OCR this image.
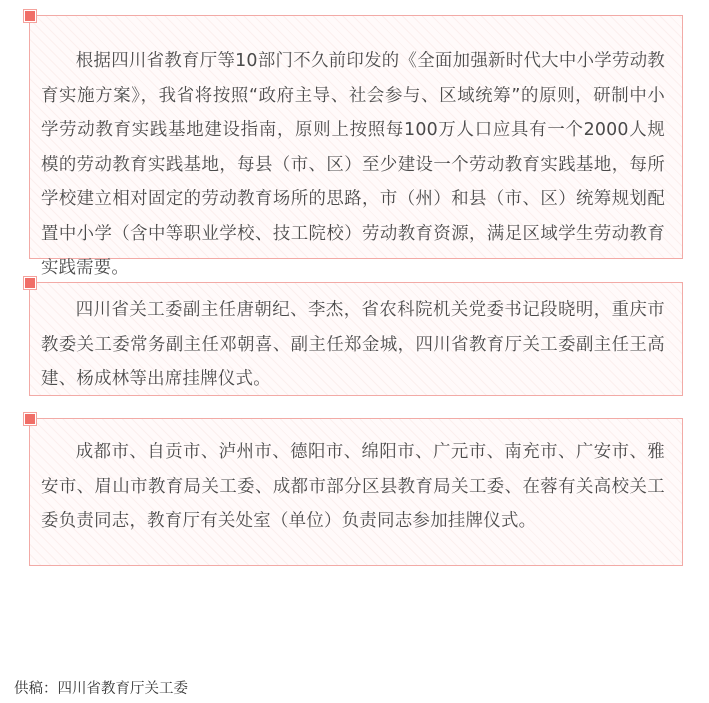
根据四川省教育厅等10部门不久前印发的《全面加强新时代大中小学劳动教育实施方案》，我省将按照“政府主导、社会参与、区域统筹”的原则，研制中小学劳动教育实践基地建设指南，原则上按照每100万人口应具有一个2000人规模的劳动教育实践基地，每县（市、区）至少建设一个劳动教育实践基地，每所学校建立相对固定的劳动教育场所的思路，市（州）和县（市、区）统筹规划配置中小学（含中等职业学校、技工院校）劳动教育资源，满足区域学生劳动教育实践需要。

四川省关工委副主任唐朝纪、李杰，省农科院机关党委书记段晓明，重庆市教委关工委常务副主任邓朝喜、副主任郑金城，四川省教育厅关工委副主任王高建、杨成林等出席挂牌仪式。

成都市、自贡市、泸州市、德阳市、绵阳市、广元市、南充市、广安市、雅安市、眉山市教育局关工委、成都市部分区县教育局关工委、在蓉有关高校关工委负责同志，教育厅有关处室（单位）负责同志参加挂牌仪式。

供稿：四川省教育厅关工委
